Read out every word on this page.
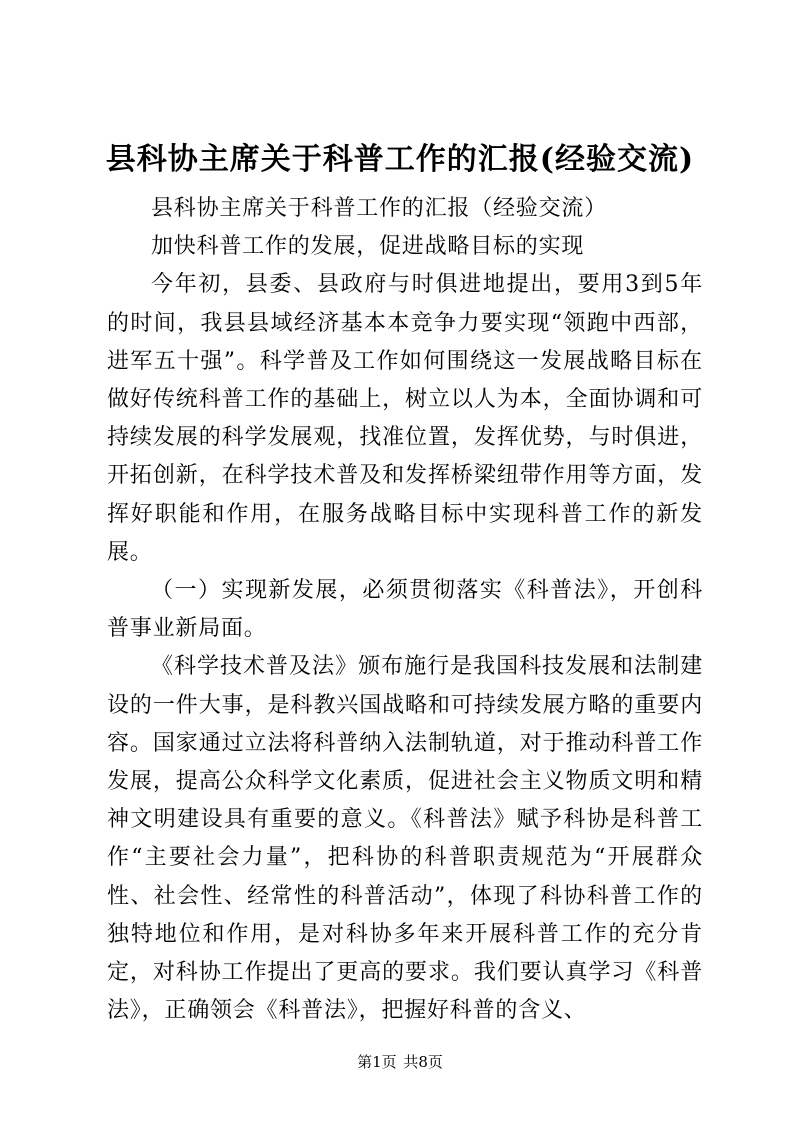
县科协主席关于科普工作的汇报(经验交流)

县科协主席关于科普工作的汇报（经验交流）

加快科普工作的发展，促进战略目标的实现

今年初，县委、县政府与时俱进地提出，要用3到5年的时间，我县县域经济基本本竞争力要实现“领跑中西部，进军五十强”。科学普及工作如何围绕这一发展战略目标在做好传统科普工作的基础上，树立以人为本，全面协调和可持续发展的科学发展观，找准位置，发挥优势，与时俱进，开拓创新，在科学技术普及和发挥桥梁纽带作用等方面，发挥好职能和作用，在服务战略目标中实现科普工作的新发展。

（一）实现新发展，必须贯彻落实《科普法》，开创科普事业新局面。

《科学技术普及法》颁布施行是我国科技发展和法制建设的一件大事，是科教兴国战略和可持续发展方略的重要内容。国家通过立法将科普纳入法制轨道，对于推动科普工作发展，提高公众科学文化素质，促进社会主义物质文明和精神文明建设具有重要的意义。《科普法》赋予科协是科普工作“主要社会力量”，把科协的科普职责规范为“开展群众性、社会性、经常性的科普活动”，体现了科协科普工作的独特地位和作用，是对科协多年来开展科普工作的充分肯定，对科协工作提出了更高的要求。我们要认真学习《科普法》，正确领会《科普法》，把握好科普的含义、

第1页 共8页
